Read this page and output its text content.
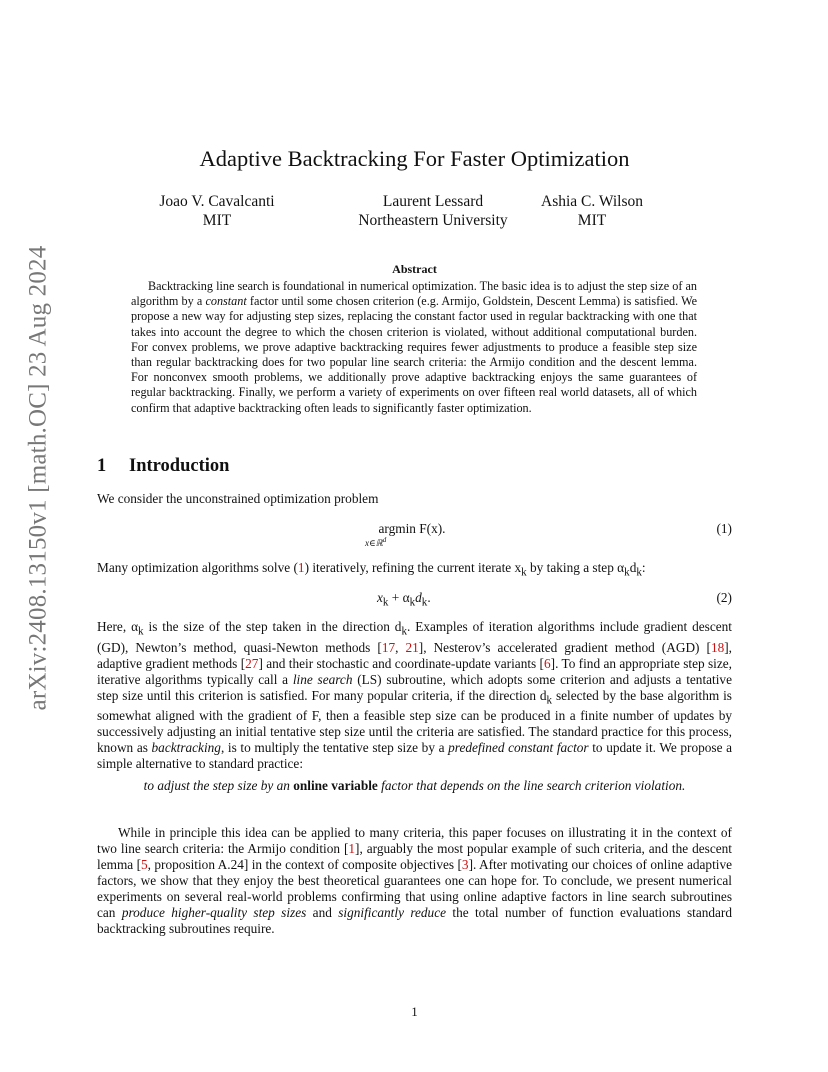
arXiv:2408.13150v1 [math.OC] 23 Aug 2024
Adaptive Backtracking For Faster Optimization
Joao V. Cavalcanti
MIT
Laurent Lessard
Northeastern University
Ashia C. Wilson
MIT
Abstract

Backtracking line search is foundational in numerical optimization. The basic idea is to adjust the step size of an algorithm by a constant factor until some chosen criterion (e.g. Armijo, Goldstein, Descent Lemma) is satisfied. We propose a new way for adjusting step sizes, replacing the constant factor used in regular backtracking with one that takes into account the degree to which the chosen criterion is violated, without additional computational burden. For convex problems, we prove adaptive backtracking requires fewer adjustments to produce a feasible step size than regular backtracking does for two popular line search criteria: the Armijo condition and the descent lemma. For nonconvex smooth problems, we additionally prove adaptive backtracking enjoys the same guarantees of regular backtracking. Finally, we perform a variety of experiments on over fifteen real world datasets, all of which confirm that adaptive backtracking often leads to significantly faster optimization.

1 Introduction

We consider the unconstrained optimization problem

argmin F(x).
x∈ℝ$^d$
(1)

Many optimization algorithms solve (1) iteratively, refining the current iterate $x_k$ by taking a step $\alpha_kd_k$:

$x_k + \alpha_kd_k$.	(2)

Here, $\alpha_k$ is the size of the step taken in the direction $d_k$. Examples of iteration algorithms include gradient descent (GD), Newton’s method, quasi-Newton methods [17, 21], Nesterov’s accelerated gradient method (AGD) [18], adaptive gradient methods [27] and their stochastic and coordinate-update variants [6]. To find an appropriate step size, iterative algorithms typically call a line search (LS) subroutine, which adopts some criterion and adjusts a tentative step size until this criterion is satisfied. For many popular criteria, if the direction $d_k$ selected by the base algorithm is somewhat aligned with the gradient of F, then a feasible step size can be produced in a finite number of updates by successively adjusting an initial tentative step size until the criteria are satisfied. The standard practice for this process, known as backtracking, is to multiply the tentative step size by a predefined constant factor to update it. We propose a simple alternative to standard practice:

to adjust the step size by an online variable factor that depends on the line search criterion violation.

While in principle this idea can be applied to many criteria, this paper focuses on illustrating it in the context of two line search criteria: the Armijo condition [1], arguably the most popular example of such criteria, and the descent lemma [5, proposition A.24] in the context of composite objectives [3]. After motivating our choices of online adaptive factors, we show that they enjoy the best theoretical guarantees one can hope for. To conclude, we present numerical experiments on several real-world problems confirming that using online adaptive factors in line search subroutines can produce higher-quality step sizes and significantly reduce the total number of function evaluations standard backtracking subroutines require.

1
